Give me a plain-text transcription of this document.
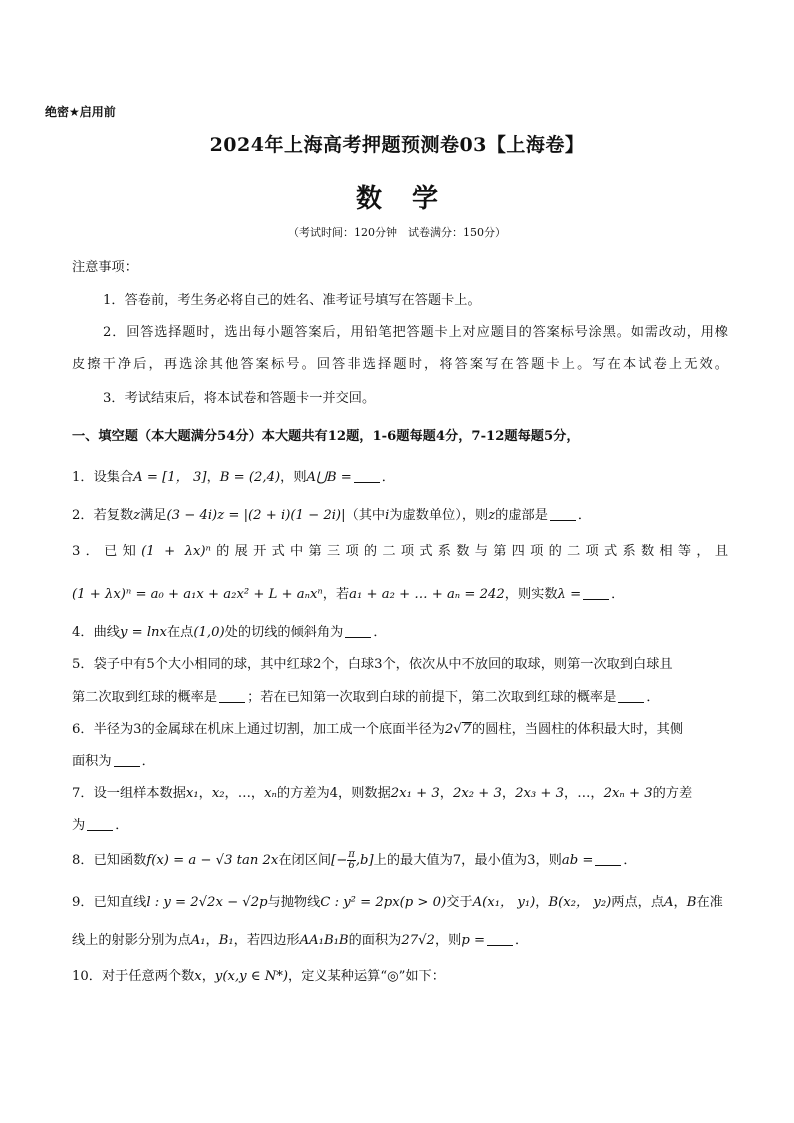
绝密★启用前
2024年上海高考押题预测卷03【上海卷】
数学
（考试时间：120分钟　试卷满分：150分）
注意事项：
1．答卷前，考生务必将自己的姓名、准考证号填写在答题卡上。
2．回答选择题时，选出每小题答案后，用铅笔把答题卡上对应题目的答案标号涂黑。如需改动，用橡
皮擦干净后，再选涂其他答案标号。回答非选择题时，将答案写在答题卡上。写在本试卷上无效。
3．考试结束后，将本试卷和答题卡一并交回。
一、填空题（本大题满分54分）本大题共有12题，1-6题每题4分，7-12题每题5分，
1．设集合A = [1， 3]，B = (2,4)，则A⋃B = ．
2．若复数z满足(3 − 4i)z = |(2 + i)(1 − 2i)|（其中i为虚数单位），则z的虚部是 ．
3．已知(1 + λx)ⁿ的展开式中第三项的二项式系数与第四项的二项式系数相等，且
(1 + λx)ⁿ = a₀ + a₁x + a₂x² + L + aₙxⁿ，若a₁ + a₂ + … + aₙ = 242，则实数λ = ．
4．曲线y = lnx在点(1,0)处的切线的倾斜角为 ．
5．袋子中有5个大小相同的球，其中红球2个，白球3个，依次从中不放回的取球，则第一次取到白球且
第二次取到红球的概率是 ；若在已知第一次取到白球的前提下，第二次取到红球的概率是 ．
6．半径为3的金属球在机床上通过切割，加工成一个底面半径为2√7的圆柱，当圆柱的体积最大时，其侧
面积为 ．
7．设一组样本数据x₁，x₂，…，xₙ的方差为4，则数据2x₁ + 3，2x₂ + 3，2x₃ + 3，…，2xₙ + 3的方差
为 ．
8．已知函数f(x) = a − √3 tan 2x在闭区间[− $\frac{\pi}{6} ,b$]上的最大值为7，最小值为3，则ab = ．
9．已知直线l : y = 2√2x − √2p与抛物线C : y² = 2px(p > 0)交于A(x₁， y₁)，B(x₂， y₂)两点，点A，B在准
线上的射影分别为点A₁，B₁，若四边形AA₁B₁B的面积为27√2，则p = ．
10．对于任意两个数x，y(x,y ∈ N*)，定义某种运算“◎”如下：
